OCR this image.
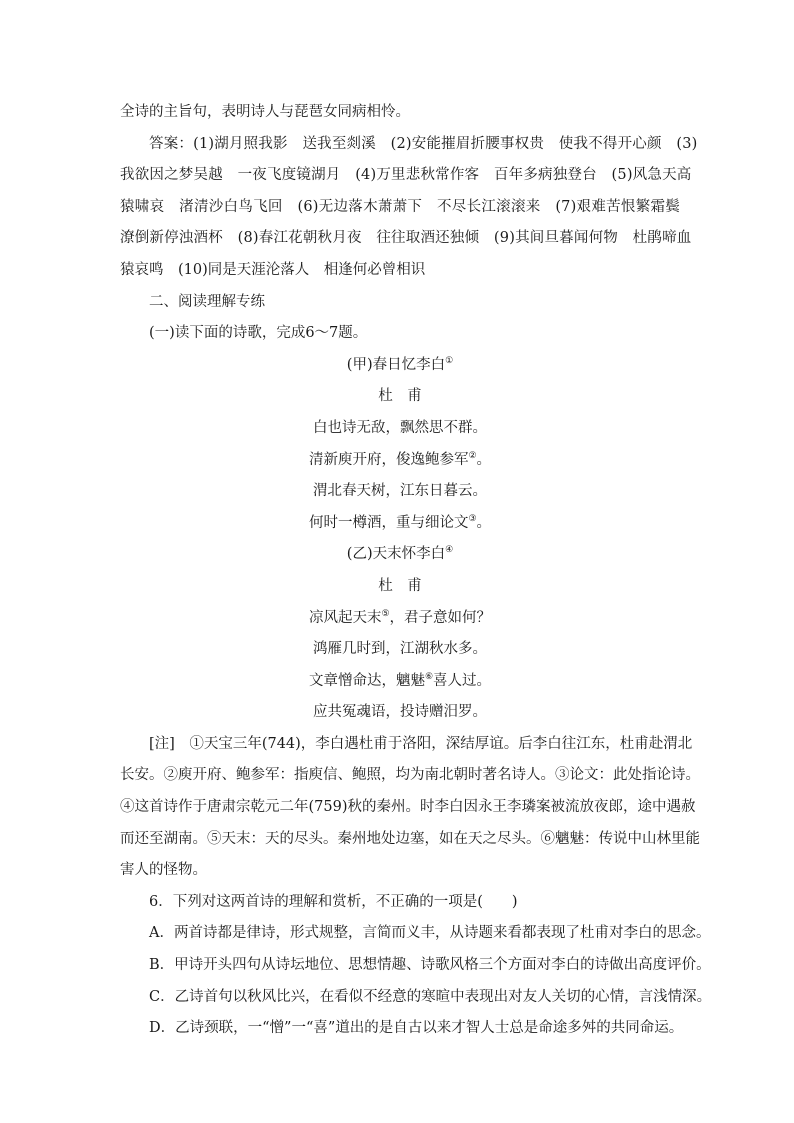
全诗的主旨句，表明诗人与琵琶女同病相怜。
答案：(1)湖月照我影　送我至剡溪　(2)安能摧眉折腰事权贵　使我不得开心颜　(3)
我欲因之梦吴越　一夜飞度镜湖月　(4)万里悲秋常作客　百年多病独登台　(5)风急天高
猿啸哀　渚清沙白鸟飞回　(6)无边落木萧萧下　不尽长江滚滚来　(7)艰难苦恨繁霜鬓
潦倒新停浊酒杯　(8)春江花朝秋月夜　往往取酒还独倾　(9)其间旦暮闻何物　杜鹃啼血
猿哀鸣　(10)同是天涯沦落人　相逢何必曾相识
二、阅读理解专练
(一)读下面的诗歌，完成6～7题。
(甲)春日忆李白①
杜　甫
白也诗无敌，飘然思不群。
清新庾开府，俊逸鲍参军②。
渭北春天树，江东日暮云。
何时一樽酒，重与细论文③。
(乙)天末怀李白④
杜　甫
凉风起天末⑤，君子意如何？
鸿雁几时到，江湖秋水多。
文章憎命达，魑魅⑥喜人过。
应共冤魂语，投诗赠汨罗。
[注]　①天宝三年(744)，李白遇杜甫于洛阳，深结厚谊。后李白往江东，杜甫赴渭北
长安。②庾开府、鲍参军：指庾信、鲍照，均为南北朝时著名诗人。③论文：此处指论诗。
④这首诗作于唐肃宗乾元二年(759)秋的秦州。时李白因永王李璘案被流放夜郎，途中遇赦
而还至湖南。⑤天末：天的尽头。秦州地处边塞，如在天之尽头。⑥魑魅：传说中山林里能
害人的怪物。
6．下列对这两首诗的理解和赏析，不正确的一项是(　　)
A．两首诗都是律诗，形式规整，言简而义丰，从诗题来看都表现了杜甫对李白的思念。
B．甲诗开头四句从诗坛地位、思想情趣、诗歌风格三个方面对李白的诗做出高度评价。
C．乙诗首句以秋风比兴，在看似不经意的寒暄中表现出对友人关切的心情，言浅情深。
D．乙诗颈联，一“憎”一“喜”道出的是自古以来才智人士总是命途多舛的共同命运。
